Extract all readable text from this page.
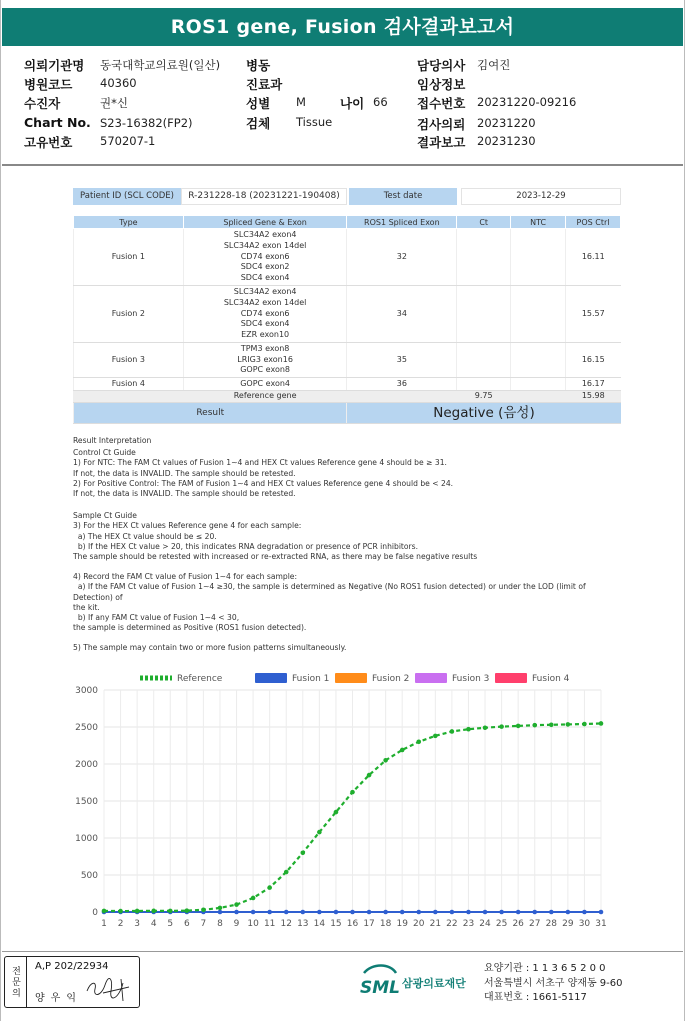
ROS1 gene, Fusion 검사결과보고서
의뢰기관명 동국대학교의료원(일산) 병동	담당의사 김여진
병원코드 40360	진료과	임상정보
수진자	권*신	성별 M	나이 66 접수번호 20231220-09216
Chart No. S23-16382(FP2)	검체 Tissue	검사의뢰 20231220
고유번호 570207-1	결과보고 20231230
Patient ID (SCL CODE)	R-231228-18 (20231221-190408)	Test date	2023-12-29
Type	Spliced Gene & Exon	ROS1 Spliced Exon	Ct	NTC	POS Ctrl
Fusion 1	SLC34A2 exon4
SLC34A2 exon 14del
CD74 exon6
SDC4 exon2
SDC4 exon4	32			16.11
Fusion 2	SLC34A2 exon4
SLC34A2 exon 14del
CD74 exon6
SDC4 exon4
EZR exon10	34			15.57
Fusion 3	TPM3 exon8
LRIG3 exon16
GOPC exon8	35			16.15
Fusion 4	GOPC exon4	36			16.17
Reference gene			9.75		15.98
Result		Negative (음성)			

Result Interpretation

Control Ct Guide

1) For NTC: The FAM Ct values of Fusion 1~4 and HEX Ct values Reference gene 4 should be ≥ 31.

If not, the data is INVALID. The sample should be retested.

2) For Positive Control: The FAM of Fusion 1~4 and HEX Ct values Reference gene 4 should be < 24.

If not, the data is INVALID. The sample should be retested.

Sample Ct Guide

3) For the HEX Ct values Reference gene 4 for each sample:

a) The HEX Ct value should be ≤ 20.

b) If the HEX Ct value > 20, this indicates RNA degradation or presence of PCR inhibitors.

The sample should be retested with increased or re-extracted RNA, as there may be false negative results

4) Record the FAM Ct value of Fusion 1~4 for each sample:

a) If the FAM Ct value of Fusion 1~4 ≥30, the sample is determined as Negative (No ROS1 fusion detected) or under the LOD (limit of Detection) of

the kit.

b) If any FAM Ct value of Fusion 1~4 < 30,

the sample is determined as Positive (ROS1 fusion detected).

5) The sample may contain two or more fusion patterns simultaneously.

0
500
1000
1500
2000
2500
3000
1 2 3 4 5 6 7 8 9 10 11 12 13 14 15 16 17 18 19 20 21 22 23 24 25 26 27 28 29 30 31
Reference	Fusion 1	Fusion 2	Fusion 3	Fusion 4
전문의	A,P 202/22934
양우익
SML 삼광의료재단
요양기관 : 1 1 3 6 5 2 0 0
서울특별시 서초구 양재동 9-60
대표번호 : 1661-5117
